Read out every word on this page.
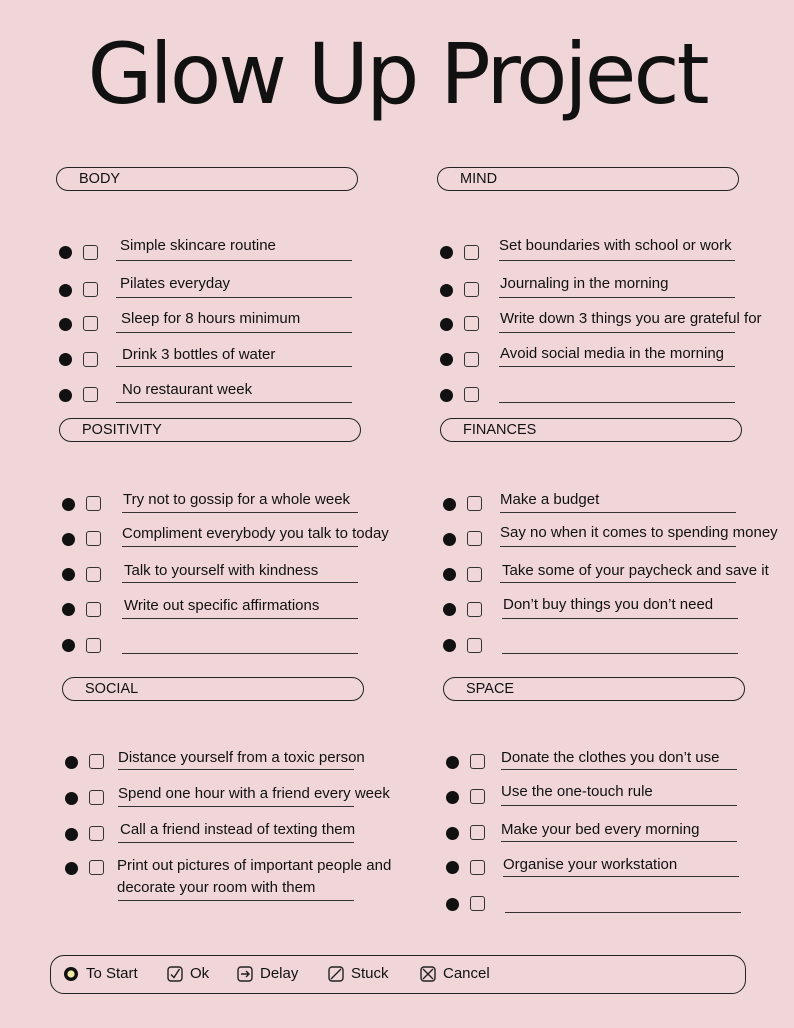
Glow Up Project
BODY
Simple skincare routine
Pilates everyday
Sleep for 8 hours minimum
Drink 3 bottles of water
No restaurant week
MIND
Set boundaries with school or work
Journaling in the morning
Write down 3 things you are grateful for
Avoid social media in the morning
POSITIVITY
Try not to gossip for a whole week
Compliment everybody you talk to today
Talk to yourself with kindness
Write out specific affirmations
FINANCES
Make a budget
Say no when it comes to spending money
Take some of your paycheck and save it
Don’t buy things you don’t need
SOCIAL
Distance yourself from a toxic person
Spend one hour with a friend every week
Call a friend instead of texting them
Print out pictures of important people and
decorate your room with them
SPACE
Donate the clothes you don’t use
Use the one-touch rule
Make your bed every morning
Organise your workstation
To Start	Ok	Delay	Stuck	Cancel
